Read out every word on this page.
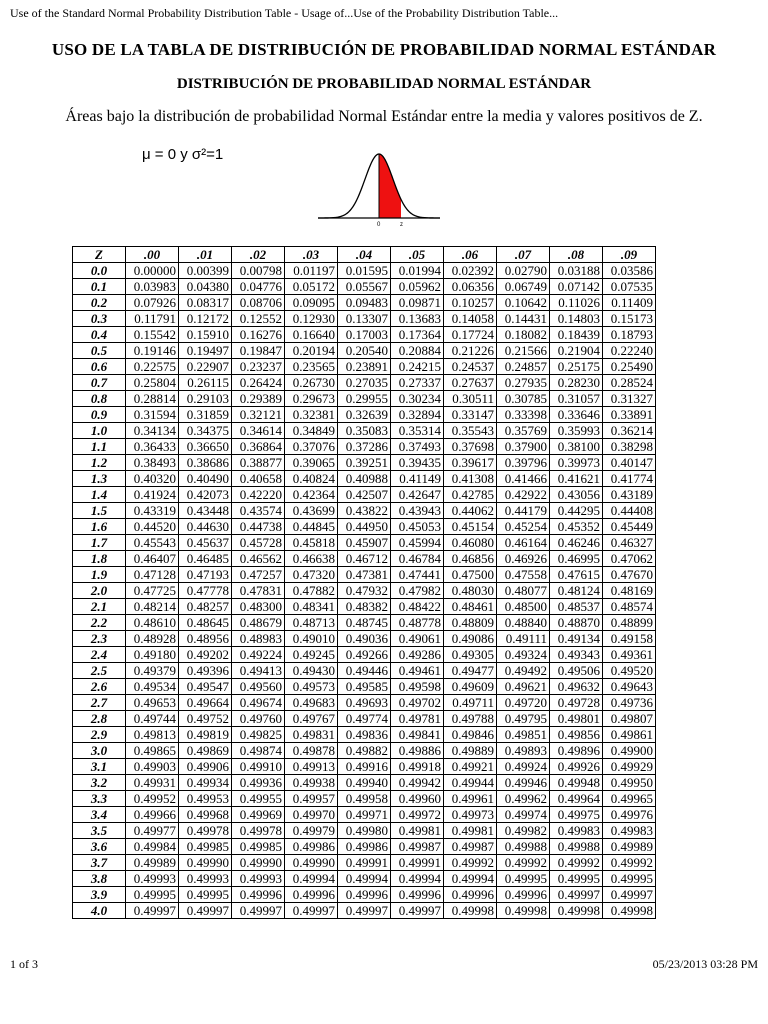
Use of the Standard Normal Probability Distribution Table - Usage of...Use of the Probability Distribution Table...
USO DE LA TABLA DE DISTRIBUCIÓN DE PROBABILIDAD NORMAL ESTÁNDAR
DISTRIBUCIÓN DE PROBABILIDAD NORMAL ESTÁNDAR
Áreas bajo la distribución de probabilidad Normal Estándar entre la media y valores positivos de Z.
μ = 0 y σ²=1
0	z
Z	.00	.01	.02	.03	.04	.05	.06	.07	.08	.09
0.0	0.00000	0.00399	0.00798	0.01197	0.01595	0.01994	0.02392	0.02790	0.03188	0.03586
0.1	0.03983	0.04380	0.04776	0.05172	0.05567	0.05962	0.06356	0.06749	0.07142	0.07535
0.2	0.07926	0.08317	0.08706	0.09095	0.09483	0.09871	0.10257	0.10642	0.11026	0.11409
0.3	0.11791	0.12172	0.12552	0.12930	0.13307	0.13683	0.14058	0.14431	0.14803	0.15173
0.4	0.15542	0.15910	0.16276	0.16640	0.17003	0.17364	0.17724	0.18082	0.18439	0.18793
0.5	0.19146	0.19497	0.19847	0.20194	0.20540	0.20884	0.21226	0.21566	0.21904	0.22240
0.6	0.22575	0.22907	0.23237	0.23565	0.23891	0.24215	0.24537	0.24857	0.25175	0.25490
0.7	0.25804	0.26115	0.26424	0.26730	0.27035	0.27337	0.27637	0.27935	0.28230	0.28524
0.8	0.28814	0.29103	0.29389	0.29673	0.29955	0.30234	0.30511	0.30785	0.31057	0.31327
0.9	0.31594	0.31859	0.32121	0.32381	0.32639	0.32894	0.33147	0.33398	0.33646	0.33891
1.0	0.34134	0.34375	0.34614	0.34849	0.35083	0.35314	0.35543	0.35769	0.35993	0.36214
1.1	0.36433	0.36650	0.36864	0.37076	0.37286	0.37493	0.37698	0.37900	0.38100	0.38298
1.2	0.38493	0.38686	0.38877	0.39065	0.39251	0.39435	0.39617	0.39796	0.39973	0.40147
1.3	0.40320	0.40490	0.40658	0.40824	0.40988	0.41149	0.41308	0.41466	0.41621	0.41774
1.4	0.41924	0.42073	0.42220	0.42364	0.42507	0.42647	0.42785	0.42922	0.43056	0.43189
1.5	0.43319	0.43448	0.43574	0.43699	0.43822	0.43943	0.44062	0.44179	0.44295	0.44408
1.6	0.44520	0.44630	0.44738	0.44845	0.44950	0.45053	0.45154	0.45254	0.45352	0.45449
1.7	0.45543	0.45637	0.45728	0.45818	0.45907	0.45994	0.46080	0.46164	0.46246	0.46327
1.8	0.46407	0.46485	0.46562	0.46638	0.46712	0.46784	0.46856	0.46926	0.46995	0.47062
1.9	0.47128	0.47193	0.47257	0.47320	0.47381	0.47441	0.47500	0.47558	0.47615	0.47670
2.0	0.47725	0.47778	0.47831	0.47882	0.47932	0.47982	0.48030	0.48077	0.48124	0.48169
2.1	0.48214	0.48257	0.48300	0.48341	0.48382	0.48422	0.48461	0.48500	0.48537	0.48574
2.2	0.48610	0.48645	0.48679	0.48713	0.48745	0.48778	0.48809	0.48840	0.48870	0.48899
2.3	0.48928	0.48956	0.48983	0.49010	0.49036	0.49061	0.49086	0.49111	0.49134	0.49158
2.4	0.49180	0.49202	0.49224	0.49245	0.49266	0.49286	0.49305	0.49324	0.49343	0.49361
2.5	0.49379	0.49396	0.49413	0.49430	0.49446	0.49461	0.49477	0.49492	0.49506	0.49520
2.6	0.49534	0.49547	0.49560	0.49573	0.49585	0.49598	0.49609	0.49621	0.49632	0.49643
2.7	0.49653	0.49664	0.49674	0.49683	0.49693	0.49702	0.49711	0.49720	0.49728	0.49736
2.8	0.49744	0.49752	0.49760	0.49767	0.49774	0.49781	0.49788	0.49795	0.49801	0.49807
2.9	0.49813	0.49819	0.49825	0.49831	0.49836	0.49841	0.49846	0.49851	0.49856	0.49861
3.0	0.49865	0.49869	0.49874	0.49878	0.49882	0.49886	0.49889	0.49893	0.49896	0.49900
3.1	0.49903	0.49906	0.49910	0.49913	0.49916	0.49918	0.49921	0.49924	0.49926	0.49929
3.2	0.49931	0.49934	0.49936	0.49938	0.49940	0.49942	0.49944	0.49946	0.49948	0.49950
3.3	0.49952	0.49953	0.49955	0.49957	0.49958	0.49960	0.49961	0.49962	0.49964	0.49965
3.4	0.49966	0.49968	0.49969	0.49970	0.49971	0.49972	0.49973	0.49974	0.49975	0.49976
3.5	0.49977	0.49978	0.49978	0.49979	0.49980	0.49981	0.49981	0.49982	0.49983	0.49983
3.6	0.49984	0.49985	0.49985	0.49986	0.49986	0.49987	0.49987	0.49988	0.49988	0.49989
3.7	0.49989	0.49990	0.49990	0.49990	0.49991	0.49991	0.49992	0.49992	0.49992	0.49992
3.8	0.49993	0.49993	0.49993	0.49994	0.49994	0.49994	0.49994	0.49995	0.49995	0.49995
3.9	0.49995	0.49995	0.49996	0.49996	0.49996	0.49996	0.49996	0.49996	0.49997	0.49997
4.0	0.49997	0.49997	0.49997	0.49997	0.49997	0.49997	0.49998	0.49998	0.49998	0.49998
1 of 3	05/23/2013 03:28 PM
